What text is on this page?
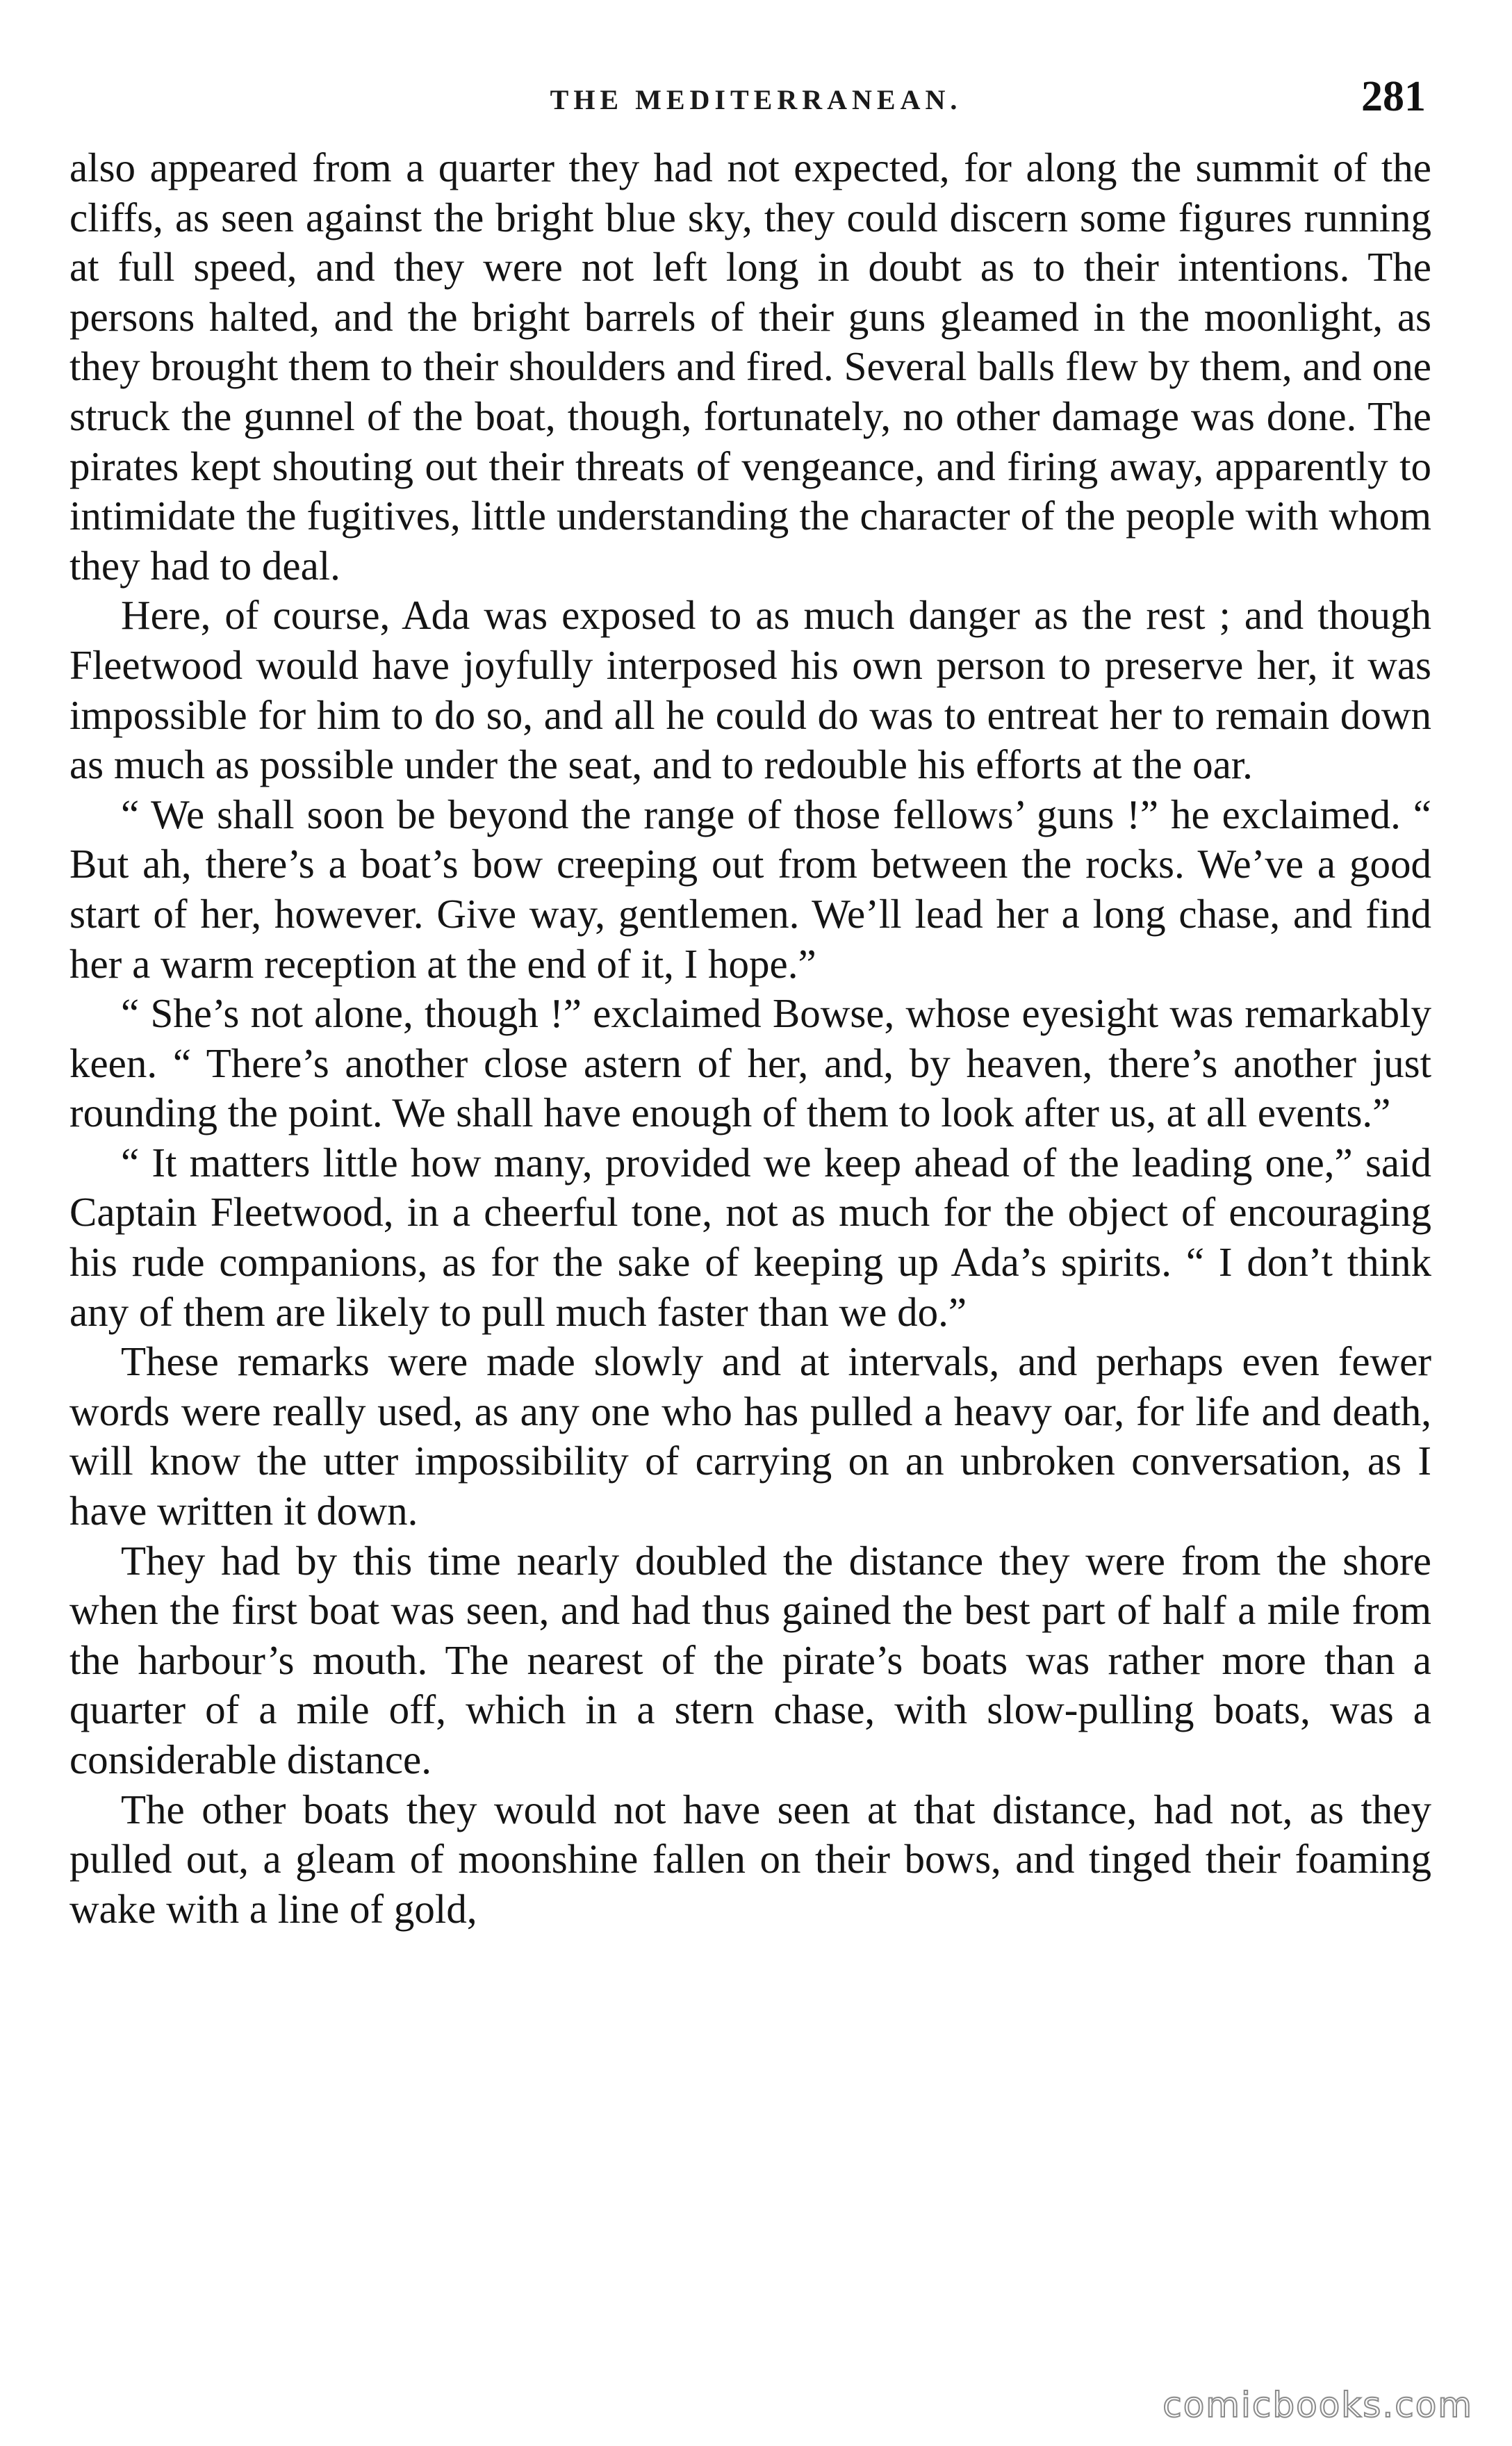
THE MEDITERRANEAN.	281

also appeared from a quarter they had not expected, for along the summit of the cliffs, as seen against the bright blue sky, they could discern some figures running at full speed, and they were not left long in doubt as to their intentions. The persons halted, and the bright barrels of their guns gleamed in the moonlight, as they brought them to their shoulders and fired. Several balls flew by them, and one struck the gunnel of the boat, though, fortunately, no other damage was done. The pirates kept shouting out their threats of vengeance, and firing away, apparently to intimidate the fugitives, little understanding the character of the people with whom they had to deal.

Here, of course, Ada was exposed to as much danger as the rest ; and though Fleetwood would have joyfully interposed his own person to preserve her, it was impossible for him to do so, and all he could do was to entreat her to remain down as much as possible under the seat, and to redouble his efforts at the oar.

“ We shall soon be beyond the range of those fellows’ guns !” he exclaimed. “ But ah, there’s a boat’s bow creeping out from between the rocks. We’ve a good start of her, however. Give way, gentlemen. We’ll lead her a long chase, and find her a warm reception at the end of it, I hope.”

“ She’s not alone, though !” exclaimed Bowse, whose eyesight was remarkably keen. “ There’s another close astern of her, and, by heaven, there’s another just rounding the point. We shall have enough of them to look after us, at all events.”

“ It matters little how many, provided we keep ahead of the leading one,” said Captain Fleetwood, in a cheerful tone, not as much for the object of encouraging his rude companions, as for the sake of keeping up Ada’s spirits. “ I don’t think any of them are likely to pull much faster than we do.”

These remarks were made slowly and at intervals, and perhaps even fewer words were really used, as any one who has pulled a heavy oar, for life and death, will know the utter impossibility of carrying on an unbroken conversation, as I have written it down.

They had by this time nearly doubled the distance they were from the shore when the first boat was seen, and had thus gained the best part of half a mile from the harbour’s mouth. The nearest of the pirate’s boats was rather more than a quarter of a mile off, which in a stern chase, with slow-pulling boats, was a considerable distance.

The other boats they would not have seen at that distance, had not, as they pulled out, a gleam of moonshine fallen on their bows, and tinged their foaming wake with a line of gold,

comicbooks.com
